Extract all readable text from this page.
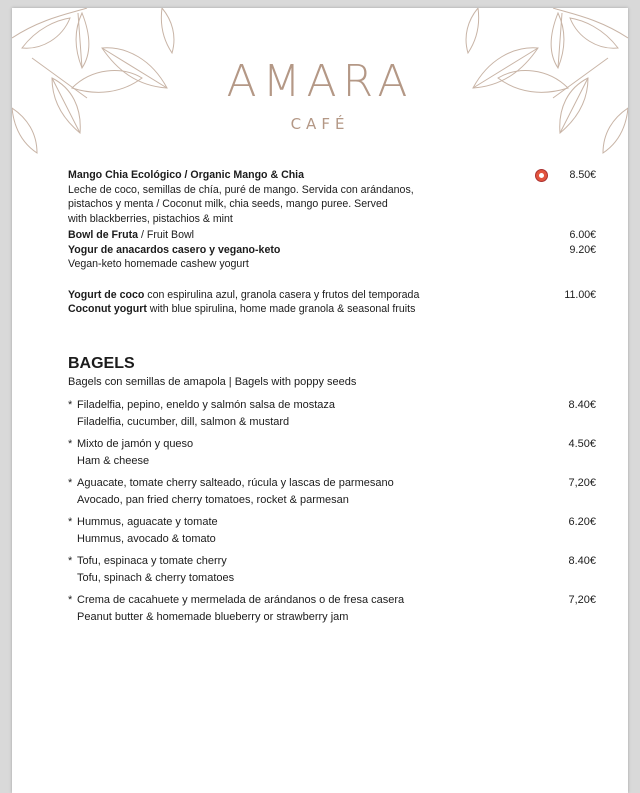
AMARA
CAFÉ
Mango Chia Ecológico / Organic Mango & Chia
Leche de coco, semillas de chía, puré de mango. Servida con arándanos,
pistachos y menta / Coconut milk, chia seeds, mango puree. Served
with blackberries, pistachios & mint
8.50€
Bowl de Fruta / Fruit Bowl	6.00€
Yogur de anacardos casero y vegano-keto
Vegan-keto homemade cashew yogurt
9.20€
Yogurt de coco con espirulina azul, granola casera y frutos del temporada
Coconut yogurt with blue spirulina, home made granola & seasonal fruits
11.00€
BAGELS
Bagels con semillas de amapola | Bagels with poppy seeds
* Filadelfia, pepino, eneldo y salmón salsa de mostaza
Filadelfia, cucumber, dill, salmon & mustard
8.40€
* Mixto de jamón y queso
Ham & cheese
4.50€
* Aguacate, tomate cherry salteado, rúcula y lascas de parmesano
Avocado, pan fried cherry tomatoes, rocket & parmesan
7,20€
* Hummus, aguacate y tomate
Hummus, avocado & tomato
6.20€
* Tofu, espinaca y tomate cherry
Tofu, spinach & cherry tomatoes
8.40€
* Crema de cacahuete y mermelada de arándanos o de fresa casera
Peanut butter & homemade blueberry or strawberry jam
7,20€
